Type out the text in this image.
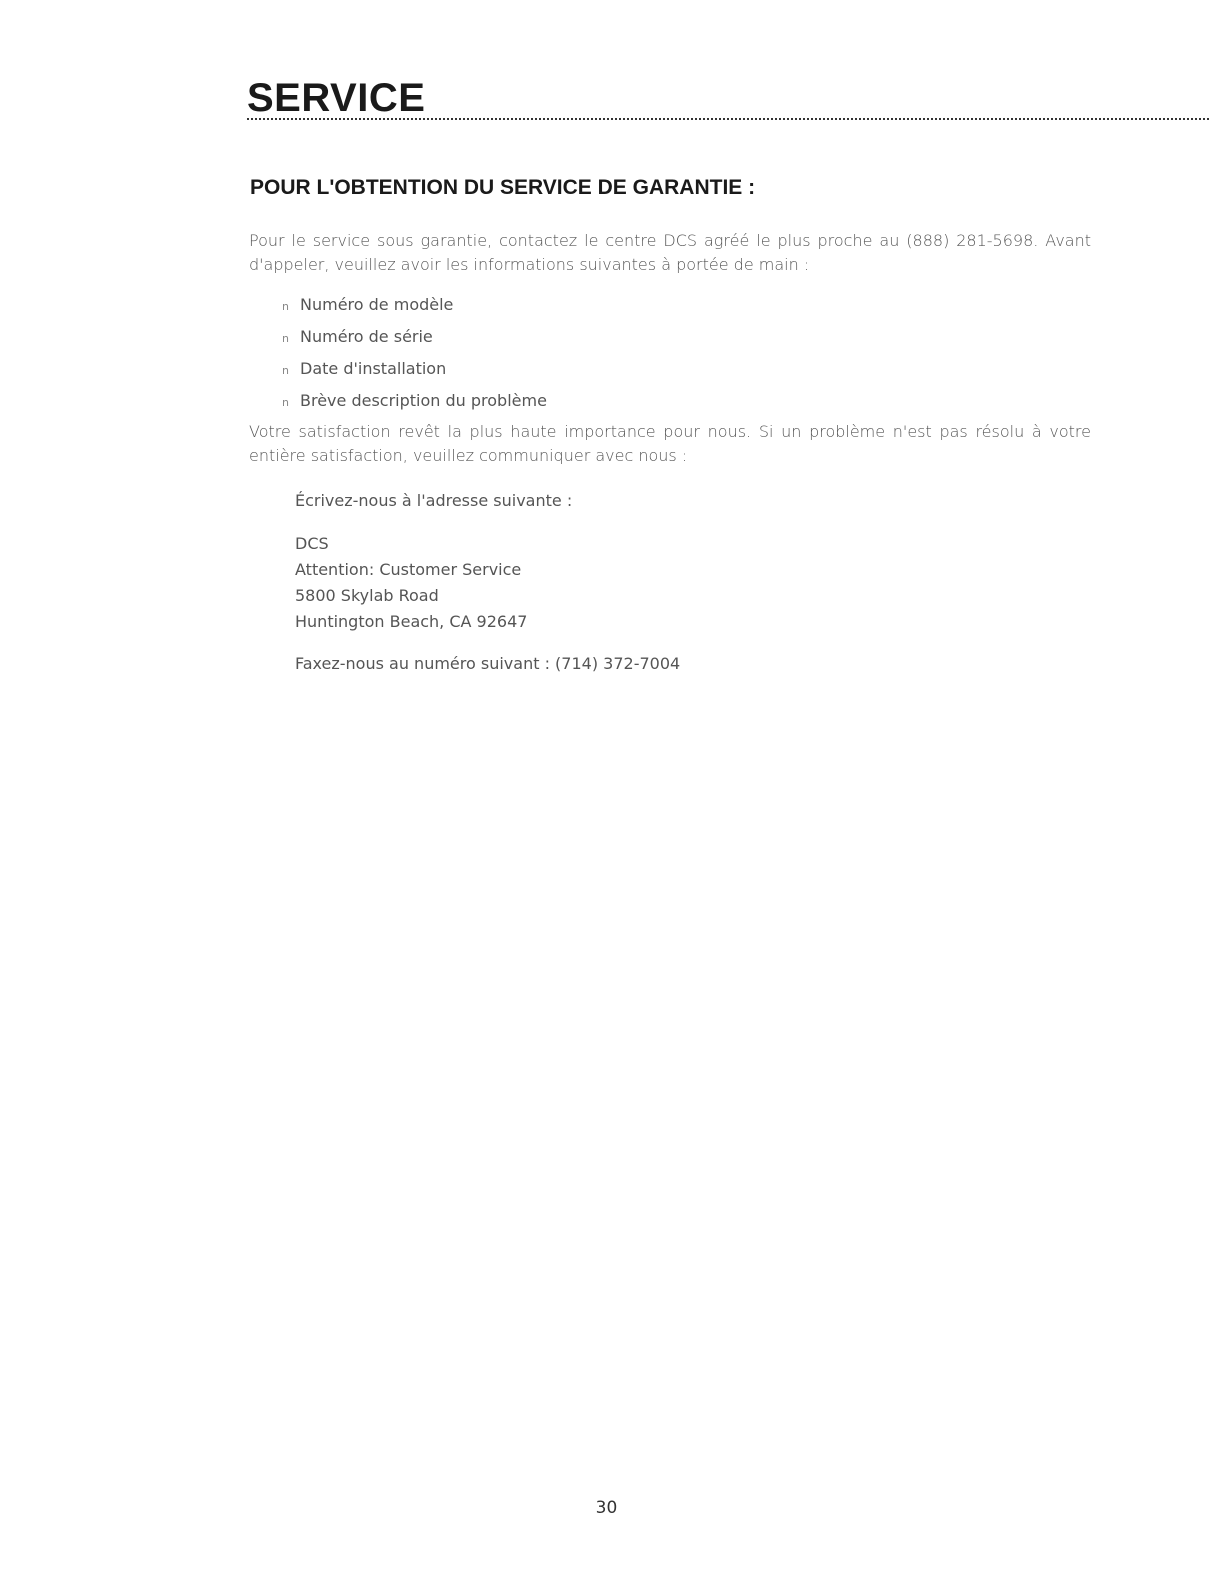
SERVICE
POUR L'OBTENTION DU SERVICE DE GARANTIE :

Pour le service sous garantie, contactez le centre DCS agréé le plus proche au (888) 281-5698. Avant d'appeler, veuillez avoir les informations suivantes à portée de main :

n Numéro de modèle
n Numéro de série
n Date d'installation
n Brève description du problème

Votre satisfaction revêt la plus haute importance pour nous. Si un problème n'est pas résolu à votre entière satisfaction, veuillez communiquer avec nous :

Écrivez-nous à l'adresse suivante :

DCS
Attention: Customer Service
5800 Skylab Road
Huntington Beach, CA 92647

Faxez-nous au numéro suivant : (714) 372-7004

30
